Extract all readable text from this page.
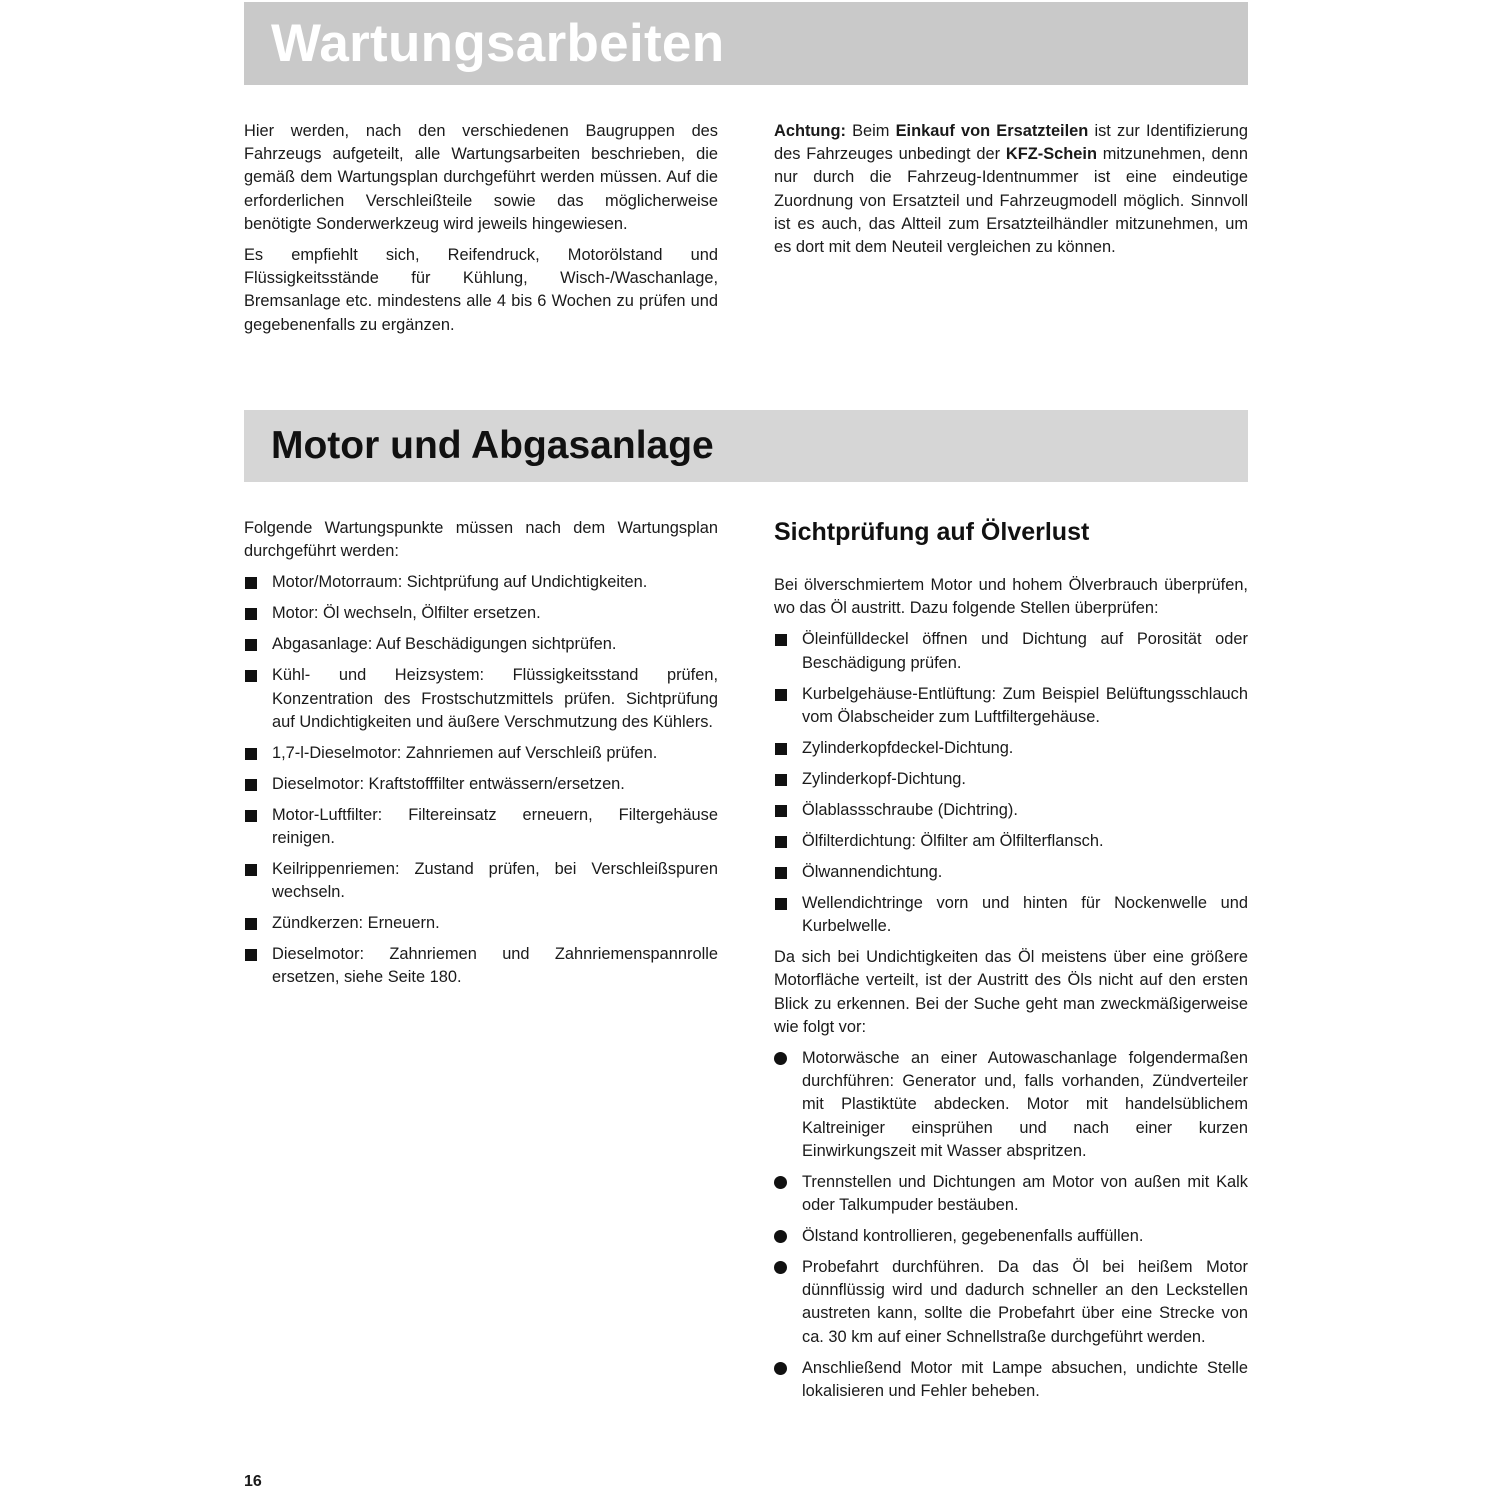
Wartungsarbeiten

Hier werden, nach den verschiedenen Baugruppen des Fahrzeugs aufgeteilt, alle Wartungsarbeiten beschrieben, die gemäß dem Wartungsplan durchgeführt werden müssen. Auf die erforderlichen Verschleißteile sowie das möglicherweise benötigte Sonderwerkzeug wird jeweils hingewiesen.

Es empfiehlt sich, Reifendruck, Motorölstand und Flüssigkeitsstände für Kühlung, Wisch-/Waschanlage, Bremsanlage etc. mindestens alle 4 bis 6 Wochen zu prüfen und gegebenenfalls zu ergänzen.

Achtung: Beim Einkauf von Ersatzteilen ist zur Identifizierung des Fahrzeuges unbedingt der KFZ-Schein mitzunehmen, denn nur durch die Fahrzeug-Identnummer ist eine eindeutige Zuordnung von Ersatzteil und Fahrzeugmodell möglich. Sinnvoll ist es auch, das Altteil zum Ersatzteilhändler mitzunehmen, um es dort mit dem Neuteil vergleichen zu können.

Motor und Abgasanlage

Folgende Wartungspunkte müssen nach dem Wartungsplan durchgeführt werden:

Motor/Motorraum: Sichtprüfung auf Undichtigkeiten.
Motor: Öl wechseln, Ölfilter ersetzen.
Abgasanlage: Auf Beschädigungen sichtprüfen.
Kühl- und Heizsystem: Flüssigkeitsstand prüfen, Konzentration des Frostschutzmittels prüfen. Sichtprüfung auf Undichtigkeiten und äußere Verschmutzung des Kühlers.
1,7-l-Dieselmotor: Zahnriemen auf Verschleiß prüfen.
Dieselmotor: Kraftstofffilter entwässern/ersetzen.
Motor-Luftfilter: Filtereinsatz erneuern, Filtergehäuse reinigen.
Keilrippenriemen: Zustand prüfen, bei Verschleißspuren wechseln.
Zündkerzen: Erneuern.
Dieselmotor: Zahnriemen und Zahnriemenspannrolle ersetzen, siehe Seite 180.
Sichtprüfung auf Ölverlust

Bei ölverschmiertem Motor und hohem Ölverbrauch überprüfen, wo das Öl austritt. Dazu folgende Stellen überprüfen:

Öleinfülldeckel öffnen und Dichtung auf Porosität oder Beschädigung prüfen.
Kurbelgehäuse-Entlüftung: Zum Beispiel Belüftungsschlauch vom Ölabscheider zum Luftfiltergehäuse.
Zylinderkopfdeckel-Dichtung.
Zylinderkopf-Dichtung.
Ölablassschraube (Dichtring).
Ölfilterdichtung: Ölfilter am Ölfilterflansch.
Ölwannendichtung.
Wellendichtringe vorn und hinten für Nockenwelle und Kurbelwelle.

Da sich bei Undichtigkeiten das Öl meistens über eine größere Motorfläche verteilt, ist der Austritt des Öls nicht auf den ersten Blick zu erkennen. Bei der Suche geht man zweckmäßigerweise wie folgt vor:

Motorwäsche an einer Autowaschanlage folgendermaßen durchführen: Generator und, falls vorhanden, Zündverteiler mit Plastiktüte abdecken. Motor mit handelsüblichem Kaltreiniger einsprühen und nach einer kurzen Einwirkungszeit mit Wasser abspritzen.
Trennstellen und Dichtungen am Motor von außen mit Kalk oder Talkumpuder bestäuben.
Ölstand kontrollieren, gegebenenfalls auffüllen.
Probefahrt durchführen. Da das Öl bei heißem Motor dünnflüssig wird und dadurch schneller an den Leckstellen austreten kann, sollte die Probefahrt über eine Strecke von ca. 30 km auf einer Schnellstraße durchgeführt werden.
Anschließend Motor mit Lampe absuchen, undichte Stelle lokalisieren und Fehler beheben.
16
